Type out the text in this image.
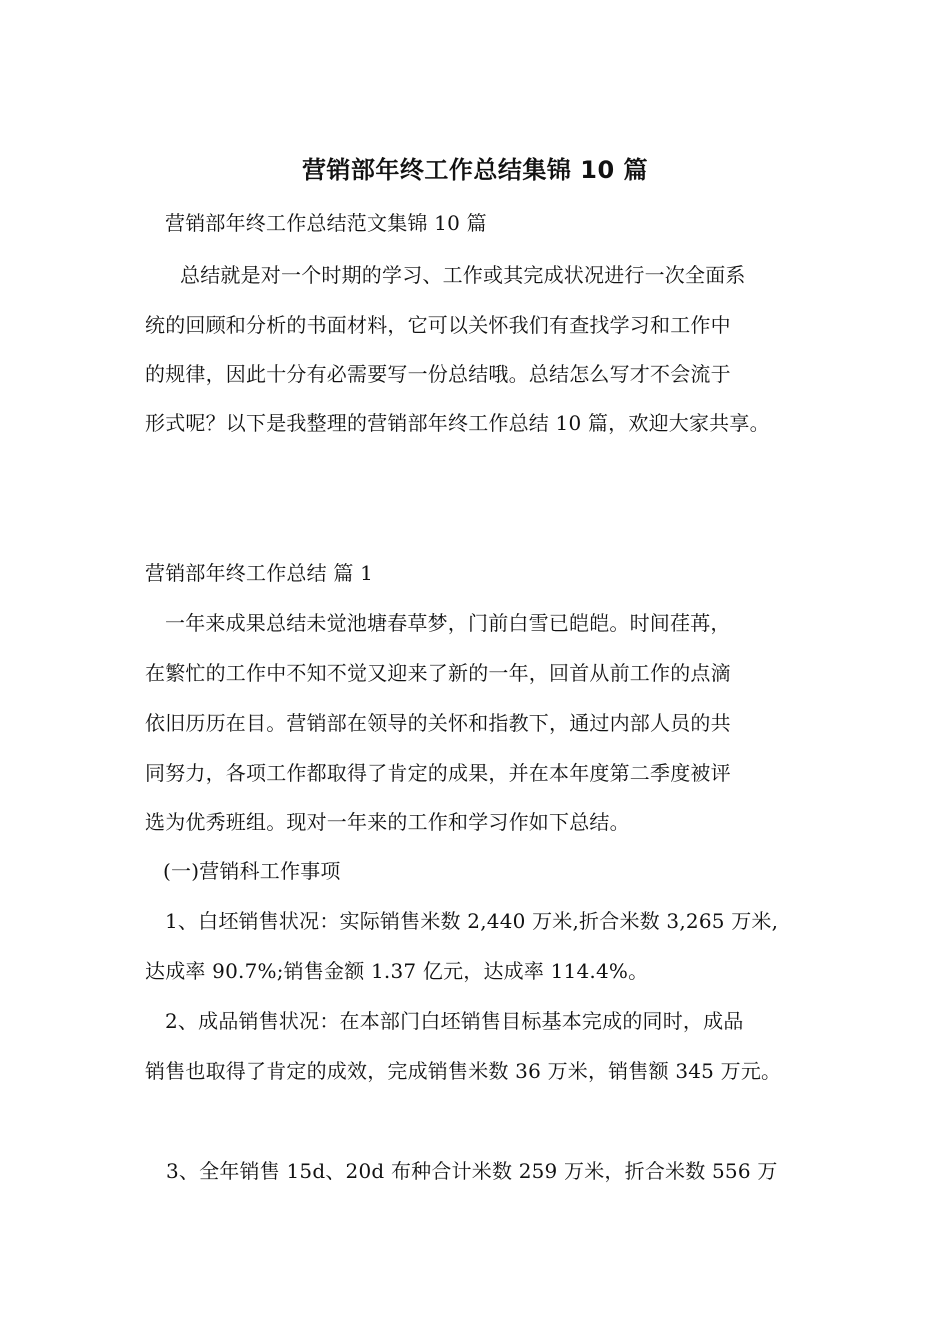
营销部年终工作总结集锦 10 篇
营销部年终工作总结范文集锦 10 篇
总结就是对一个时期的学习、工作或其完成状况进行一次全面系
统的回顾和分析的书面材料，它可以关怀我们有查找学习和工作中
的规律，因此十分有必需要写一份总结哦。总结怎么写才不会流于
形式呢？以下是我整理的营销部年终工作总结 10 篇，欢迎大家共享。
营销部年终工作总结 篇 1
一年来成果总结未觉池塘春草梦，门前白雪已皑皑。时间荏苒，
在繁忙的工作中不知不觉又迎来了新的一年，回首从前工作的点滴
依旧历历在目。营销部在领导的关怀和指教下，通过内部人员的共
同努力，各项工作都取得了肯定的成果，并在本年度第二季度被评
选为优秀班组。现对一年来的工作和学习作如下总结。
(一)营销科工作事项
1、白坯销售状况：实际销售米数 2,440 万米,折合米数 3,265 万米,
达成率 90.7%;销售金额 1.37 亿元，达成率 114.4%。
2、成品销售状况：在本部门白坯销售目标基本完成的同时，成品
销售也取得了肯定的成效，完成销售米数 36 万米，销售额 345 万元。
3、全年销售 15d、20d 布种合计米数 259 万米，折合米数 556 万
